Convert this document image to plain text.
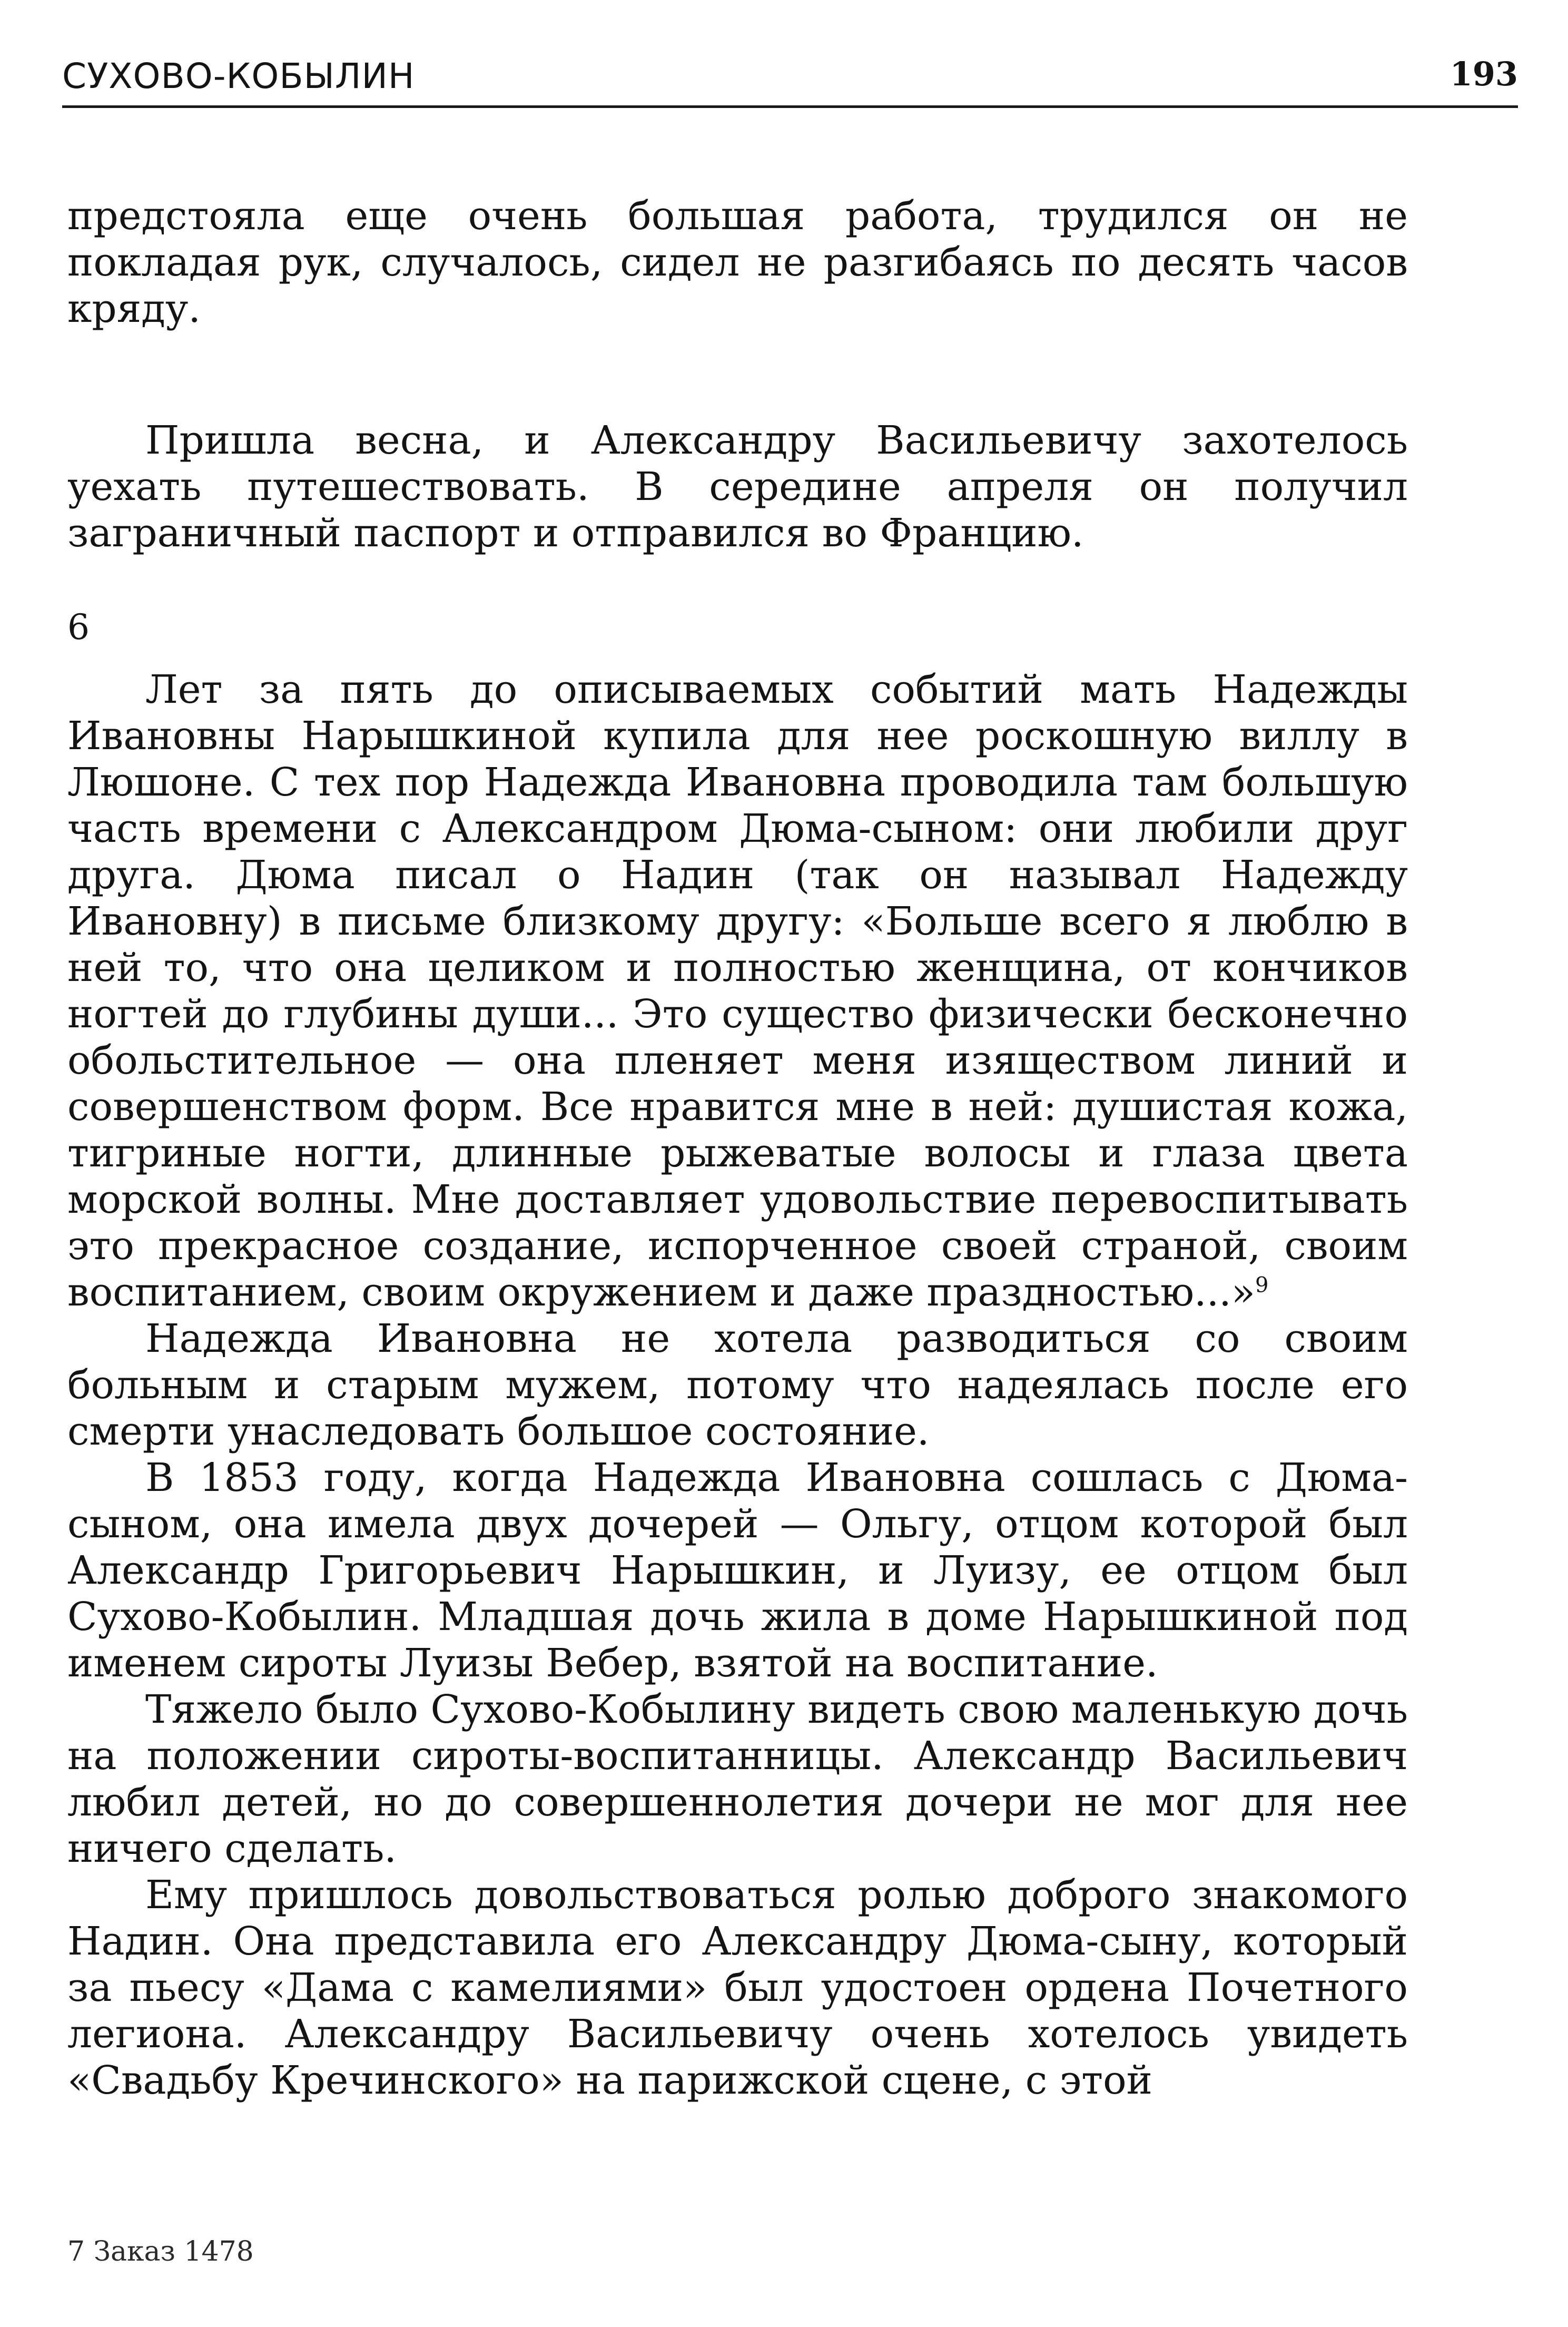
СУХОВО-КОБЫЛИН	193

предстояла еще очень большая работа, трудился он не покладая рук, случалось, сидел не разгибаясь по десять часов кряду.

Пришла весна, и Александру Васильевичу захотелось уехать путешествовать. В середине апреля он получил заграничный паспорт и отправился во Францию.

6

Лет за пять до описываемых событий мать Надежды Ивановны Нарышкиной купила для нее роскошную виллу в Люшоне. С тех пор Надежда Ивановна проводила там большую часть времени с Александром Дюма-сыном: они любили друг друга. Дюма писал о Надин (так он называл Надежду Ивановну) в письме близкому другу: «Больше всего я люблю в ней то, что она целиком и полностью женщина, от кончиков ногтей до глубины души... Это существо физически бесконечно обольстительное — она пленяет меня изяществом линий и совершенством форм. Все нравится мне в ней: душистая кожа, тигриные ногти, длинные рыжеватые волосы и глаза цвета морской волны. Мне доставляет удовольствие перевоспитывать это прекрасное создание, испорченное своей страной, своим воспитанием, своим окружением и даже праздностью...»$^9$

Надежда Ивановна не хотела разводиться со своим больным и старым мужем, потому что надеялась после его смерти унаследовать большое состояние.

В 1853 году, когда Надежда Ивановна сошлась с Дюма-сыном, она имела двух дочерей — Ольгу, отцом которой был Александр Григорьевич Нарышкин, и Луизу, ее отцом был Сухово-Кобылин. Младшая дочь жила в доме Нарышкиной под именем сироты Луизы Вебер, взятой на воспитание.

Тяжело было Сухово-Кобылину видеть свою маленькую дочь на положении сироты-воспитанницы. Александр Васильевич любил детей, но до совершеннолетия дочери не мог для нее ничего сделать.

Ему пришлось довольствоваться ролью доброго знакомого Надин. Она представила его Александру Дюма-сыну, который за пьесу «Дама с камелиями» был удостоен ордена Почетного легиона. Александру Васильевичу очень хотелось увидеть «Свадьбу Кречинского» на парижской сцене, с этой

7 Заказ 1478
